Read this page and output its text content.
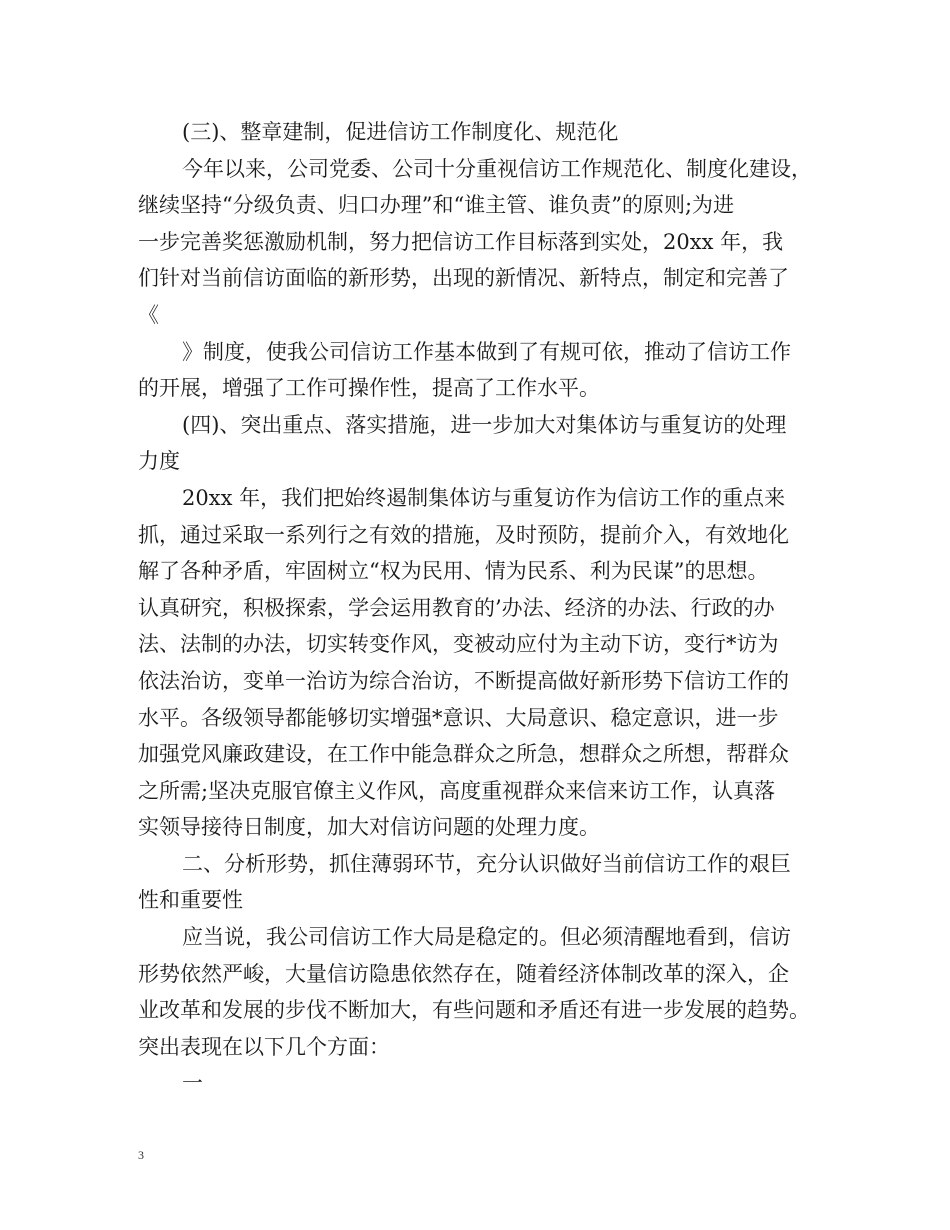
(三)、整章建制，促进信访工作制度化、规范化
今年以来，公司党委、公司十分重视信访工作规范化、制度化建设，
继续坚持“分级负责、归口办理”和“谁主管、谁负责”的原则;为进
一步完善奖惩激励机制，努力把信访工作目标落到实处，20xx 年，我
们针对当前信访面临的新形势，出现的新情况、新特点，制定和完善了
《
》制度，使我公司信访工作基本做到了有规可依，推动了信访工作
的开展，增强了工作可操作性，提高了工作水平。
(四)、突出重点、落实措施，进一步加大对集体访与重复访的处理
力度
20xx 年，我们把始终遏制集体访与重复访作为信访工作的重点来
抓，通过采取一系列行之有效的措施，及时预防，提前介入，有效地化
解了各种矛盾，牢固树立“权为民用、情为民系、利为民谋”的思想。
认真研究，积极探索，学会运用教育的’办法、经济的办法、行政的办
法、法制的办法，切实转变作风，变被动应付为主动下访，变行*访为
依法治访，变单一治访为综合治访，不断提高做好新形势下信访工作的
水平。各级领导都能够切实增强*意识、大局意识、稳定意识，进一步
加强党风廉政建设，在工作中能急群众之所急，想群众之所想，帮群众
之所需;坚决克服官僚主义作风，高度重视群众来信来访工作，认真落
实领导接待日制度，加大对信访问题的处理力度。
二、分析形势，抓住薄弱环节，充分认识做好当前信访工作的艰巨
性和重要性
应当说，我公司信访工作大局是稳定的。但必须清醒地看到，信访
形势依然严峻，大量信访隐患依然存在，随着经济体制改革的深入，企
业改革和发展的步伐不断加大，有些问题和矛盾还有进一步发展的趋势。
突出表现在以下几个方面：
一
3
